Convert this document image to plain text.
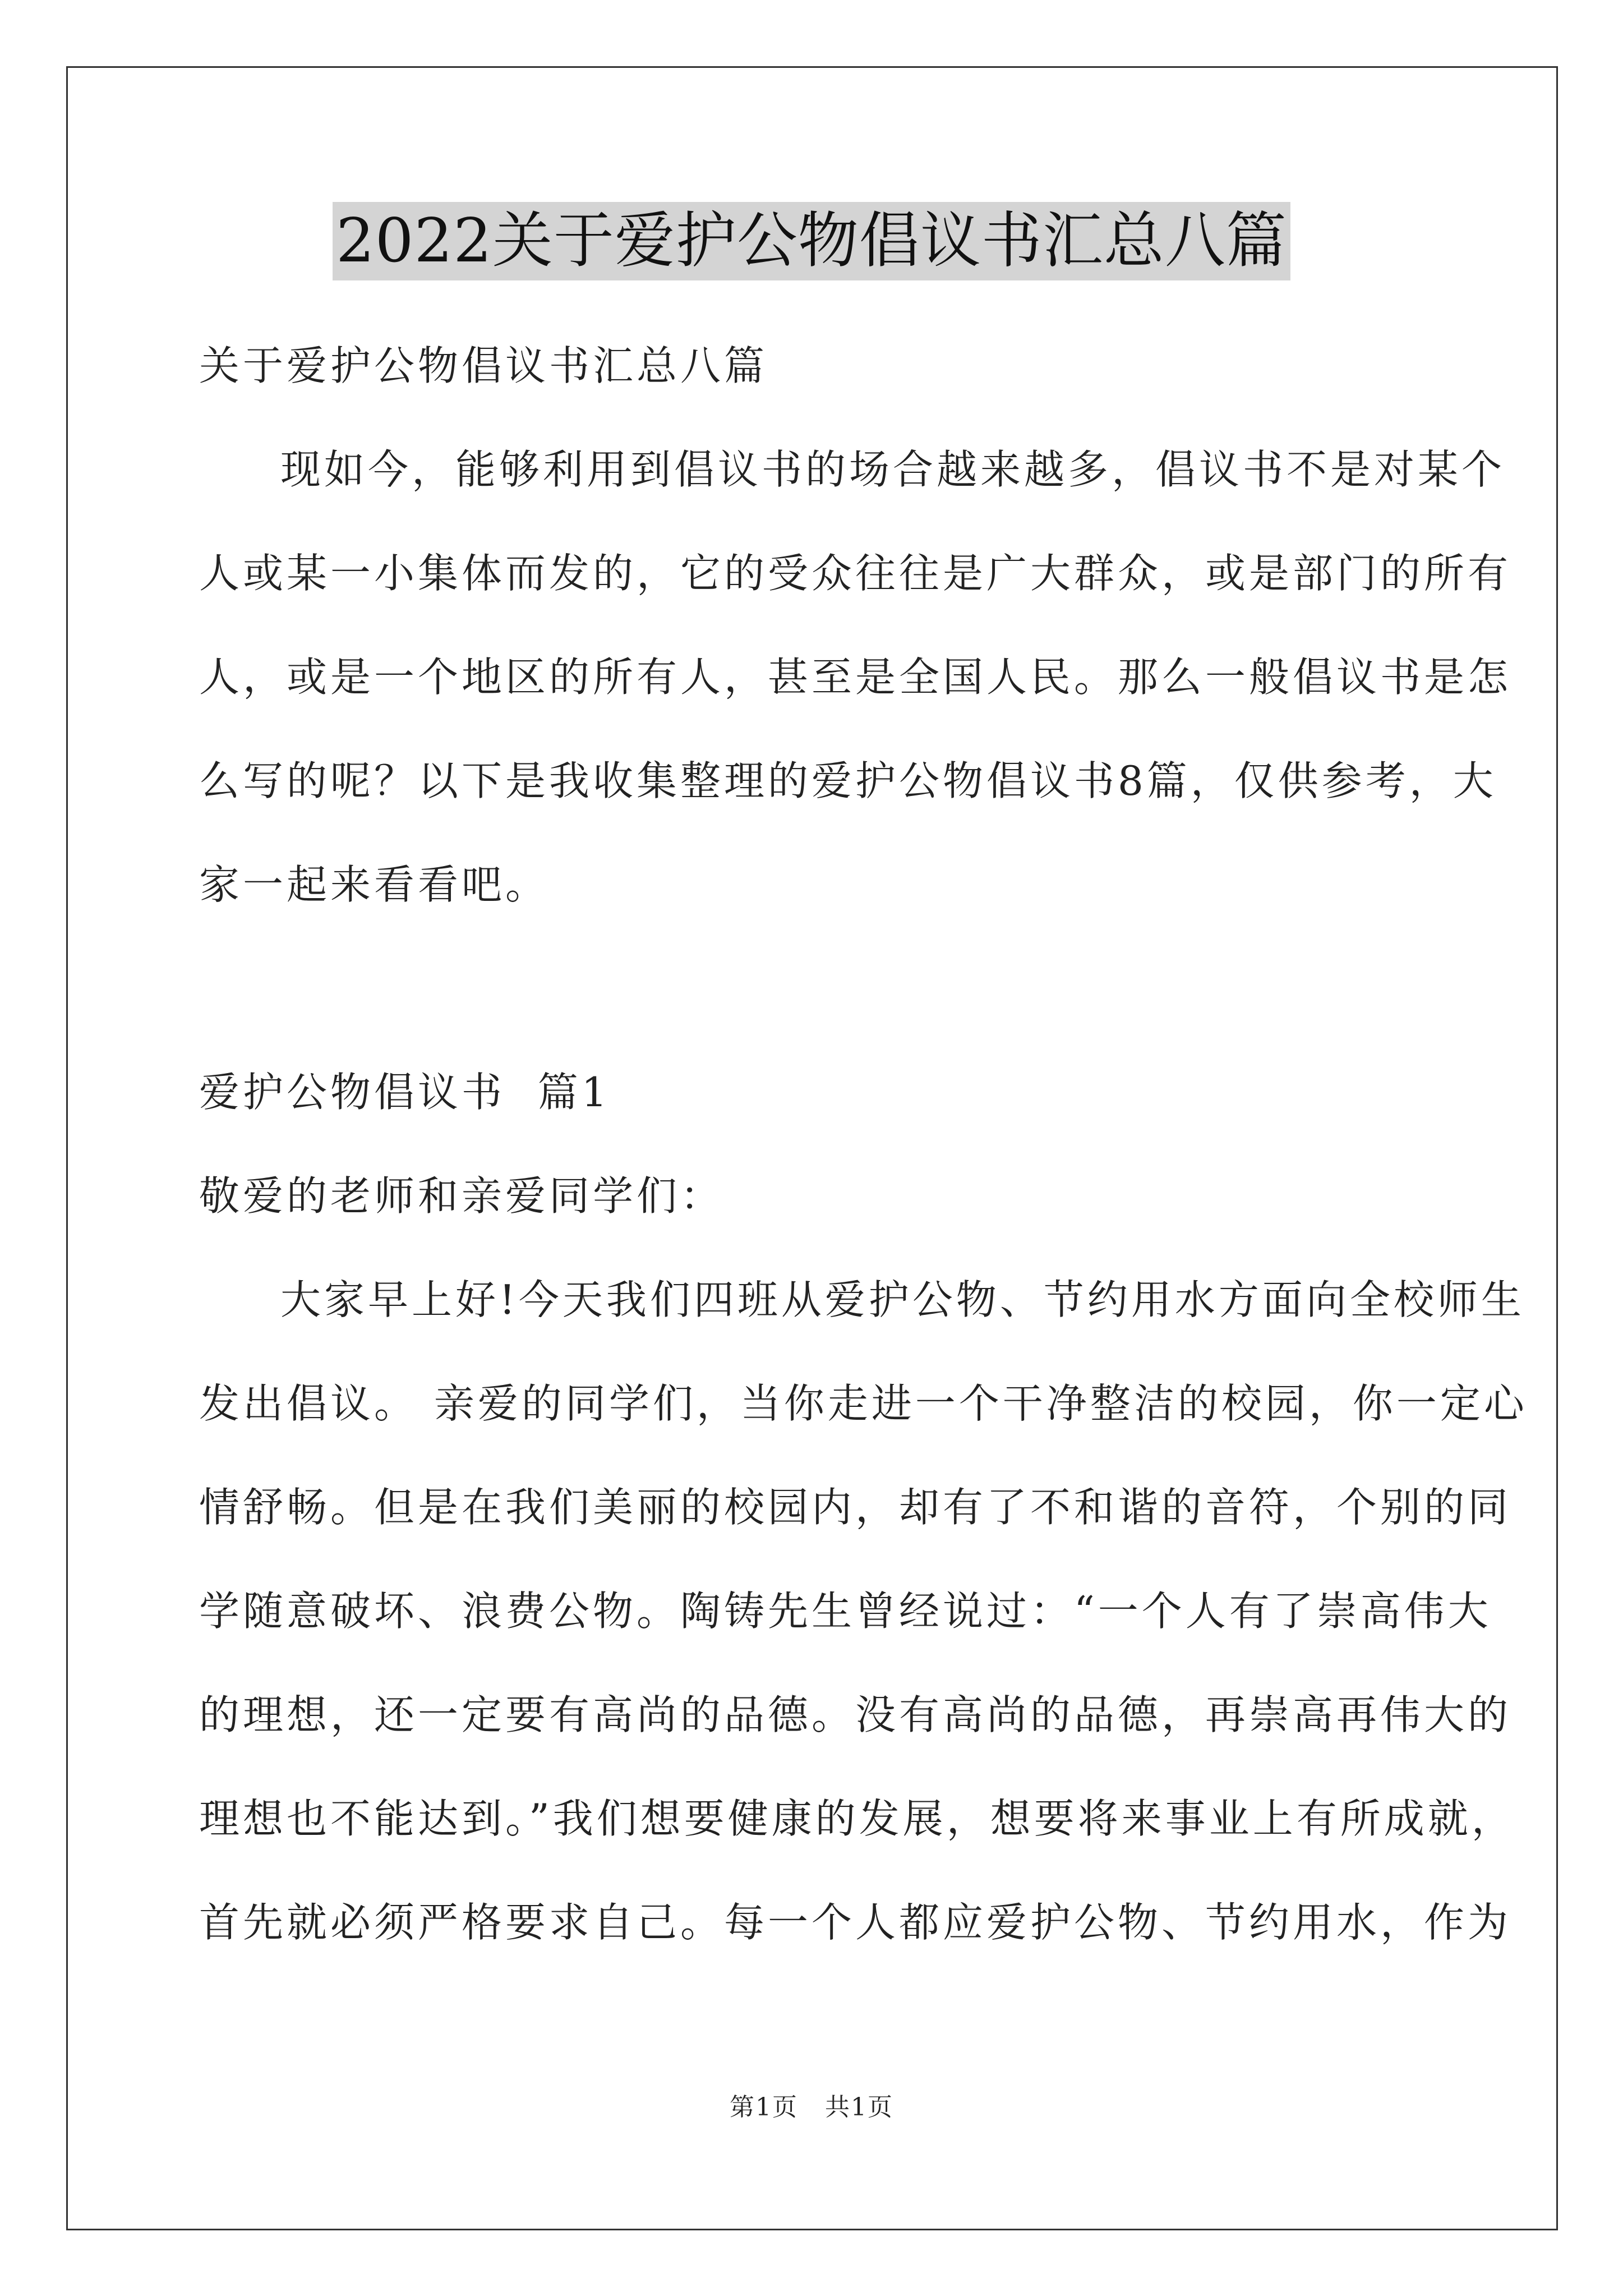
2022关于爱护公物倡议书汇总八篇
关于爱护公物倡议书汇总八篇
现如今，能够利用到倡议书的场合越来越多，倡议书不是对某个
人或某一小集体而发的，它的受众往往是广大群众，或是部门的所有
人，或是一个地区的所有人，甚至是全国人民。那么一般倡议书是怎
么写的呢？以下是我收集整理的爱护公物倡议书8篇，仅供参考，大
家一起来看看吧。
爱护公物倡议书  篇1
敬爱的老师和亲爱同学们：
大家早上好!今天我们四班从爱护公物、节约用水方面向全校师生
发出倡议。 亲爱的同学们，当你走进一个干净整洁的校园，你一定心
情舒畅。但是在我们美丽的校园内，却有了不和谐的音符，个别的同
学随意破坏、浪费公物。陶铸先生曾经说过：“一个人有了崇高伟大
的理想，还一定要有高尚的品德。没有高尚的品德，再崇高再伟大的
理想也不能达到。”我们想要健康的发展，想要将来事业上有所成就，
首先就必须严格要求自己。每一个人都应爱护公物、节约用水，作为
第1页   共1页
